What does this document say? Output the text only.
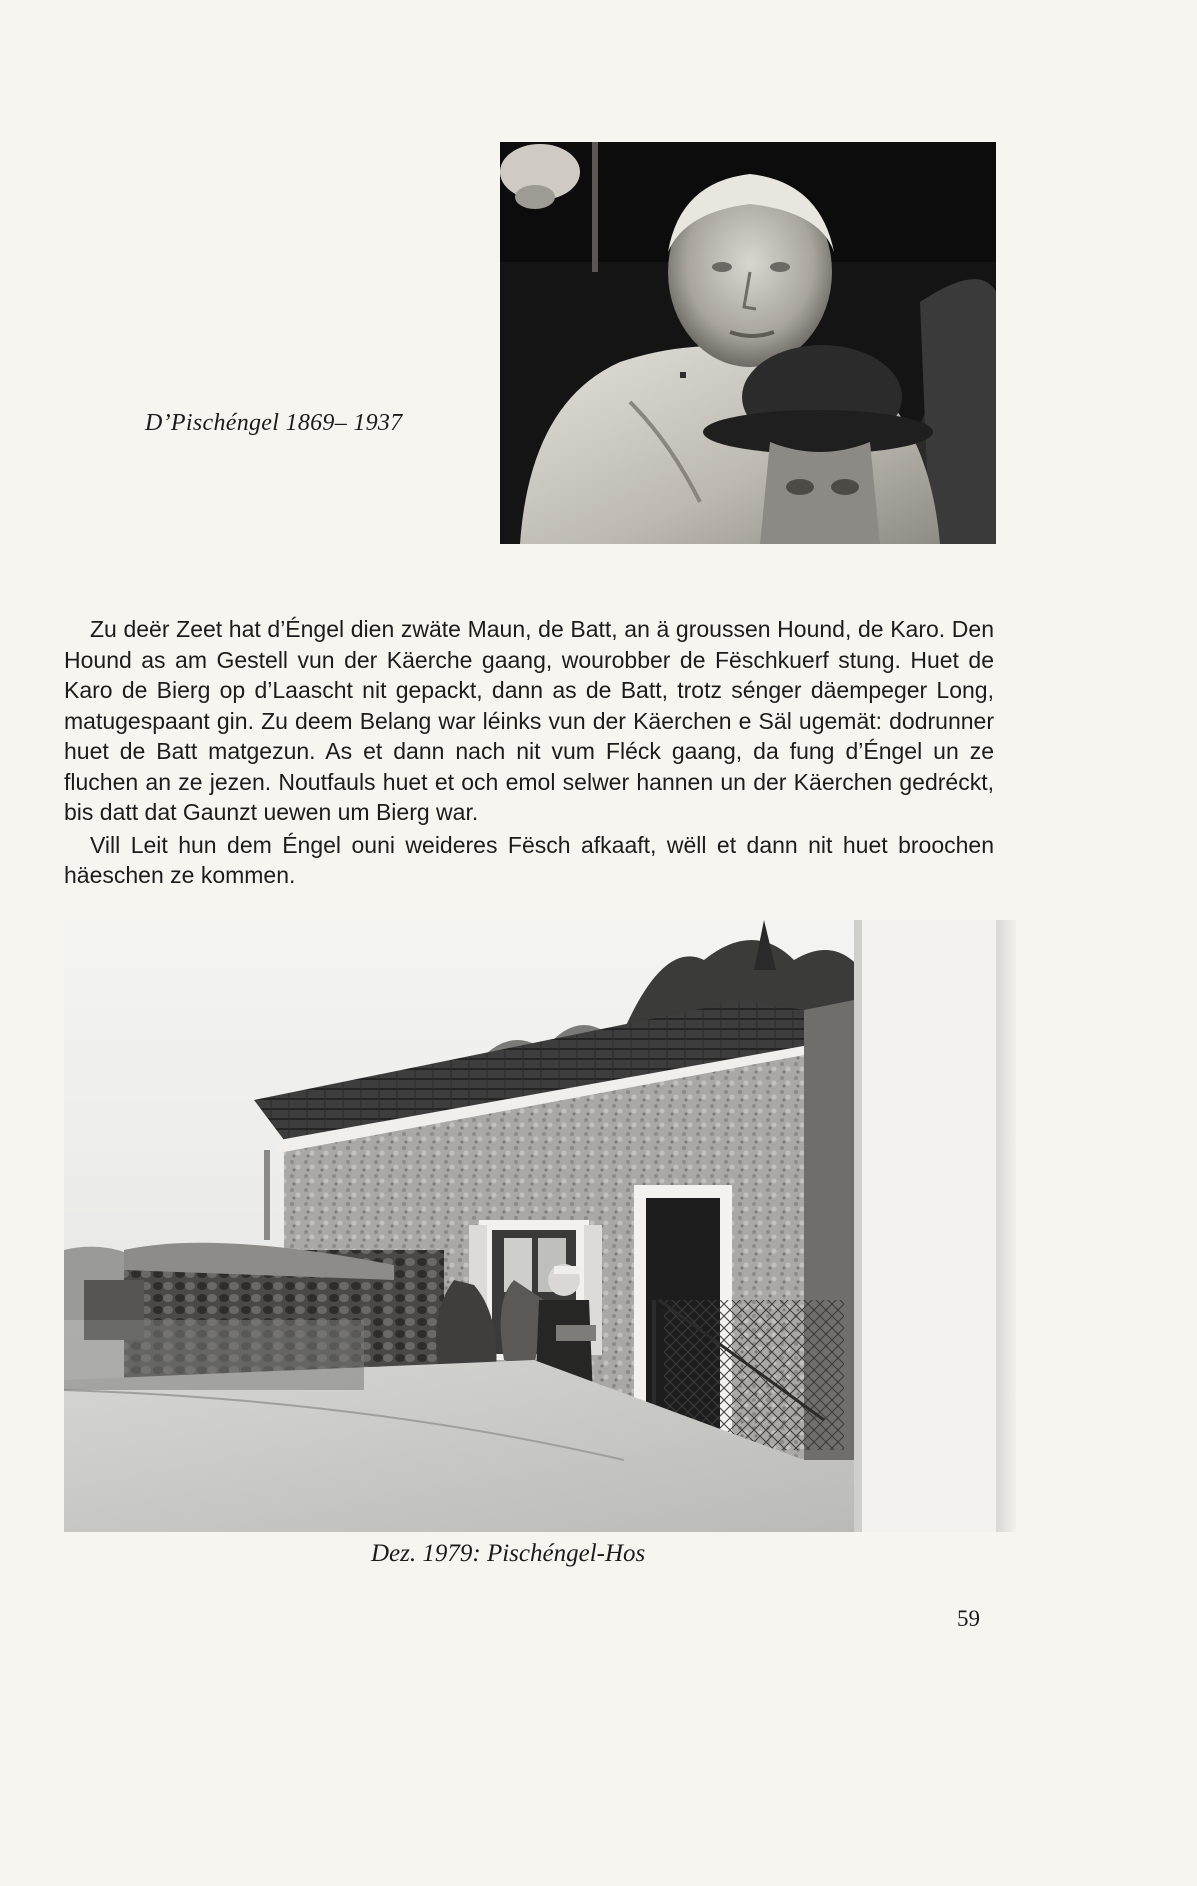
D’Pischéngel 1869– 1937

Zu deër Zeet hat d’Éngel dien zwäte Maun, de Batt, an ä groussen Hound, de Karo. Den Hound as am Gestell vun der Käerche gaang, wourobber de Fëschkuerf stung. Huet de Karo de Bierg op d’Laascht nit gepackt, dann as de Batt, trotz sénger däempeger Long, matugespaant gin. Zu deem Belang war léinks vun der Käerchen e Säl ugemät: dodrunner huet de Batt matgezun. As et dann nach nit vum Fléck gaang, da fung d’Éngel un ze fluchen an ze jezen. Noutfauls huet et och emol selwer hannen un der Käerchen gedréckt, bis datt dat Gaunzt uewen um Bierg war.

Vill Leit hun dem Éngel ouni weideres Fësch afkaaft, wëll et dann nit huet broochen häeschen ze kommen.

Dez. 1979: Pischéngel-Hos
59
